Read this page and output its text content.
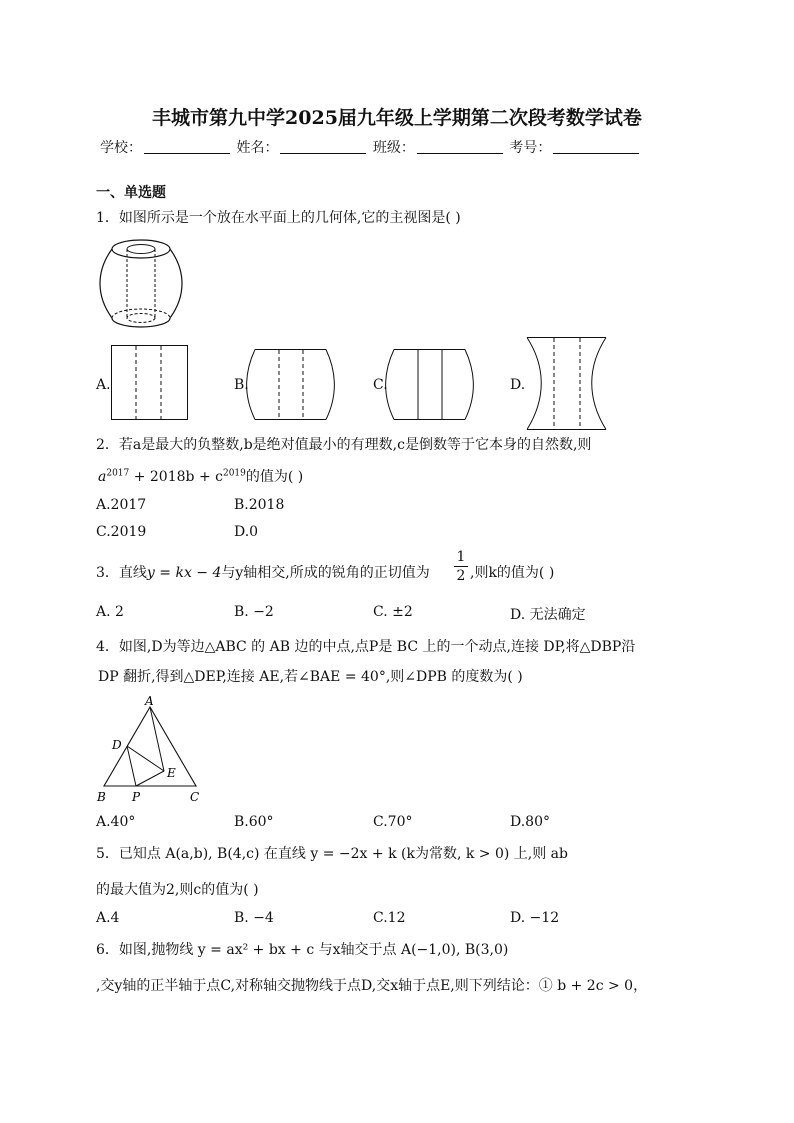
丰城市第九中学2025届九年级上学期第二次段考数学试卷
学校：	姓名：	班级：	考号：
一、单选题
1．如图所示是一个放在水平面上的几何体,它的主视图是( )
A.	B.	C.	D.
2．若a是最大的负整数,b是绝对值最小的有理数,c是倒数等于它本身的自然数,则
$a^{2017} + 2018b + c^{2019}$的值为( )
A.2017	B.2018
C.2019	D.0
3．直线y = kx − 4与y轴相交,所成的锐角的正切值为
1
2 ,则k的值为( )
A. 2	B. −2	C. ±2	D. 无法确定
4．如图,D为等边△ABC 的 AB 边的中点,点P是 BC 上的一个动点,连接 DP,将△DBP沿
DP 翻折,得到△DEP,连接 AE,若∠BAE = 40°,则∠DPB 的度数为( )
A
D
E
B P	C
A.40°	B.60°	C.70°	D.80°
5．已知点 A(a,b), B(4,c) 在直线 y = −2x + k (k为常数, k > 0) 上,则 ab
的最大值为2,则c的值为( )
A.4	B. −4	C.12	D. −12
6．如图,抛物线 y = ax² + bx + c 与x轴交于点 A(−1,0), B(3,0)
,交y轴的正半轴于点C,对称轴交抛物线于点D,交x轴于点E,则下列结论：① b + 2c > 0，
